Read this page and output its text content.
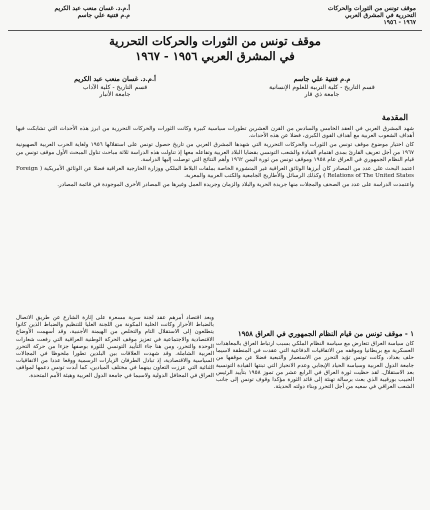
موقف تونس من الثورات والحركات
التحررية في المشرق العربي
١٩٦٧ - ١٩٥٦
أ.م.د. غسان منعب عبد الكريم
م.م فتنية علي جاسم
موقف تونس من الثورات والحركات التحررية
في المشرق العربي ١٩٥٦ - ١٩٦٧
م.م فتنية علي جاسم
قسم التاريخ - كلية التربية للعلوم الإنسانية
جامعة ذي قار
أ.م.د. غسان منعب عبد الكريم
قسم التاريخ - كلية الآداب
جامعة الأنبار
المقدمة

شهد المشرق العربي في العقد الخامس والسادس من القرن العشرين تطورات سياسية كبيرة وكانت الثورات والحركات التحررية من ابرز هذه الأحداث التي تشابكت فيها أهداف الشعوب العربية مع أهداف القوى الكبرى، فضلا عن هذه الأحداث.

كان اختيار موضوع موقف تونس من الثورات والحركات التحررية التي شهدها المشرق العربي من تاريخ حصول تونس على استقلالها ١٩٥٦ ولغاية الحرب العربية الصهيونية ١٩٦٧ من أجل تعريف القارئ بمدى اهتمام القيادة والشعب التونسي بقضايا البلاد العربية وتفاعله معها إذ تناولت هذه الدراسة ثلاثة مباحث تناول المبحث الأول موقف تونس من قيام النظام الجمهوري في العراق عام ١٩٥٨ وموقف تونس من ثورة اليمن ١٩٦٢ وأهم النتائج التي توصلت إليها الدراسة.

اعتمد البحث على عدد من المصادر كان أبرزها الوثائق العراقية غير المنشورة الخاصة بملفات البلاط الملكي ووزارة الخارجية العراقية فضلا عن الوثائق الأمريكية ( Foreign Relations of The United States ) وكذلك الرسائل والأطاريح الجامعية والكتب العربية والمعربة.

واعتمدت الدراسة على عدد من الصحف والمجلات منها جريدة الحرية والبلاد والزمان وجريدة العمل وغيرها من المصادر الأخرى الموجودة في قائمة المصادر.

١ - موقف تونس من قيام النظام الجمهوري في العراق ١٩٥٨

كان سياسة العراق تتعارض مع سياسة النظام الملكي بسبب ارتباط العراق بالمعاهدات العسكرية مع بريطانيا وموقفه من الاتفاقيات الدفاعية التي عقدت في المنطقة لاسيما حلف بغداد، وكانت تونس تؤيد التحرر من الاستعمار والتبعية فضلا عن موقفها من جامعة الدول العربية وسياسة الحياد الإيجابي وعدم الانحياز التي تبنتها القيادة التونسية بعد الاستقلال. لقد حظيت ثورة العراق في الرابع عشر من تموز ١٩٥٨ بتأييد الرئيس الحبيب بورقيبة الذي بعث برسالة تهنئة إلى قائد الثورة مؤكدا وقوف تونس إلى جانب الشعب العراقي في سعيه من أجل التحرر وبناء دولته الحديثة.

وبعد اقتصاد أمرهم عقد لجنة سرية مسعرة على إثارة الشارع عن طريق الاتصال بالضباط الأحرار وكانت الخلية المكونة من اللجنة العليا للتنظيم والضباط الذين كانوا يتطلعون إلى الاستقلال التام والتخلص من الهيمنة الأجنبية، وقد أسهمت الأوضاع الاقتصادية والاجتماعية في تعزيز موقف الحركة الوطنية العراقية التي رفعت شعارات الوحدة والتحرر، ومن هنا جاء التأييد التونسي للثورة بوصفها جزءا من حركة التحرر العربية الشاملة. وقد شهدت العلاقات بين البلدين تطورا ملحوظا في المجالات السياسية والاقتصادية، إذ تبادل الطرفان الزيارات الرسمية ووقعا عددا من الاتفاقيات الثنائية التي عززت التعاون بينهما في مختلف الميادين، كما أبدت تونس دعمها لمواقف العراق في المحافل الدولية ولاسيما في جامعة الدول العربية وهيئة الأمم المتحدة.
